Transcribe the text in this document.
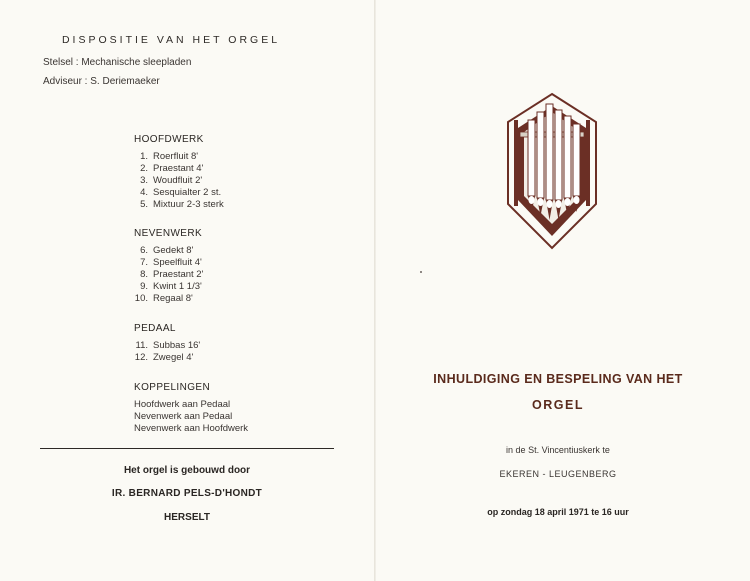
DISPOSITIE VAN HET ORGEL
Stelsel : Mechanische sleepladen
Adviseur : S. Deriemaeker
HOOFDWERK
1. Roerfluit 8'
2. Praestant 4'
3. Woudfluit 2'
4. Sesquialter 2 st.
5. Mixtuur 2-3 sterk
NEVENWERK
6. Gedekt 8'
7. Speelfluit 4'
8. Praestant 2'
9. Kwint 1 1/3'
10. Regaal 8'
PEDAAL
11. Subbas 16'
12. Zwegel 4'
KOPPELINGEN
Hoofdwerk aan Pedaal
Nevenwerk aan Pedaal
Nevenwerk aan Hoofdwerk
Het orgel is gebouwd door
IR. BERNARD PELS-D'HONDT
HERSELT
INHULDIGING EN BESPELING VAN HET
ORGEL
in de St. Vincentiuskerk te
EKEREN - LEUGENBERG
op zondag 18 april 1971 te 16 uur
